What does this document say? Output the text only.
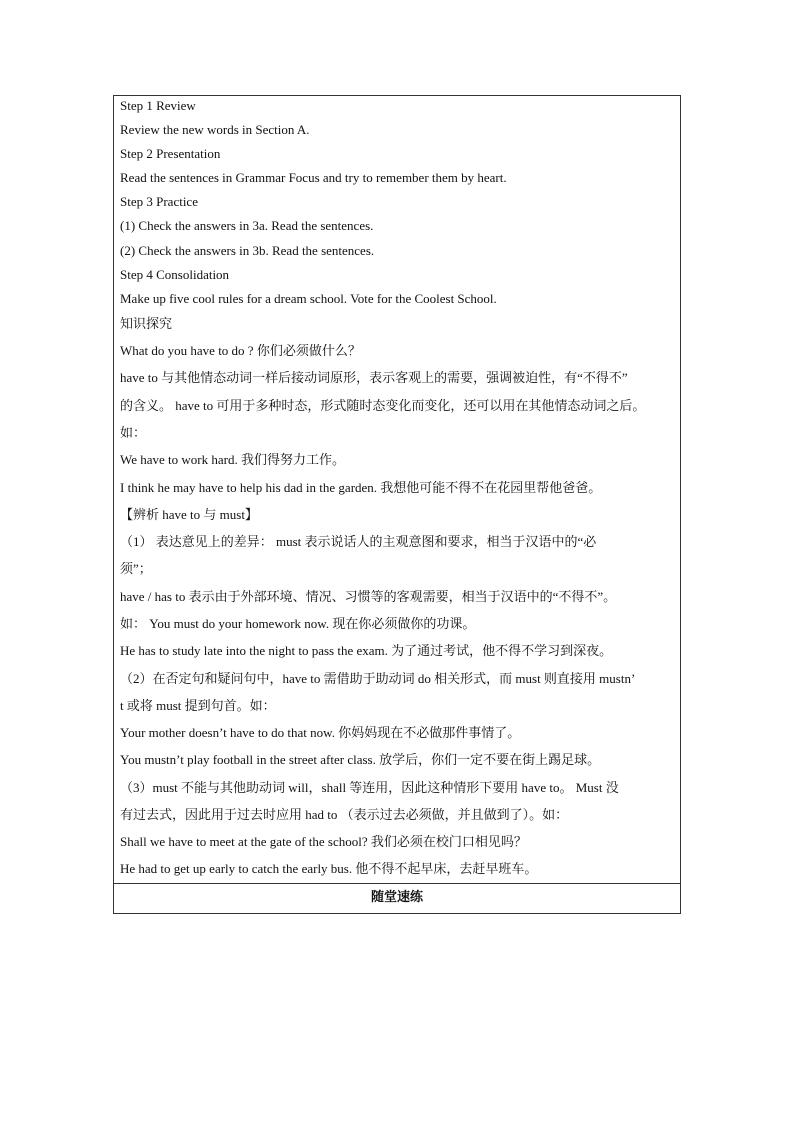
Step 1 Review
Review the new words in Section A.
Step 2 Presentation
Read the sentences in Grammar Focus and try to remember them by heart.
Step 3 Practice
(1) Check the answers in 3a. Read the sentences.
(2) Check the answers in 3b. Read the sentences.
Step 4 Consolidation
Make up five cool rules for a dream school. Vote for the Coolest School.
知识探究
What do you have to do ? 你们必须做什么？
have to 与其他情态动词一样后接动词原形，表示客观上的需要，强调被迫性，有“不得不”
的含义。 have to 可用于多种时态，形式随时态变化而变化，还可以用在其他情态动词之后。
如：
We have to work hard. 我们得努力工作。
I think he may have to help his dad in the garden. 我想他可能不得不在花园里帮他爸爸。
【辨析 have to 与 must】
（1） 表达意见上的差异： must 表示说话人的主观意图和要求，相当于汉语中的“必
须”；
have / has to 表示由于外部环境、情况、习惯等的客观需要，相当于汉语中的“不得不”。
如： You must do your homework now. 现在你必须做你的功课。
He has to study late into the night to pass the exam. 为了通过考试，他不得不学习到深夜。
（2）在否定句和疑问句中，have to 需借助于助动词 do 相关形式，而 must 则直接用 mustn’
t 或将 must 提到句首。如：
Your mother doesn’t have to do that now. 你妈妈现在不必做那件事情了。
You mustn’t play football in the street after class. 放学后，你们一定不要在街上踢足球。
（3）must 不能与其他助动词 will，shall 等连用，因此这种情形下要用 have to。 Must 没
有过去式，因此用于过去时应用 had to （表示过去必须做，并且做到了）。如：
Shall we have to meet at the gate of the school? 我们必须在校门口相见吗？
He had to get up early to catch the early bus. 他不得不起早床，去赶早班车。
随堂速练
